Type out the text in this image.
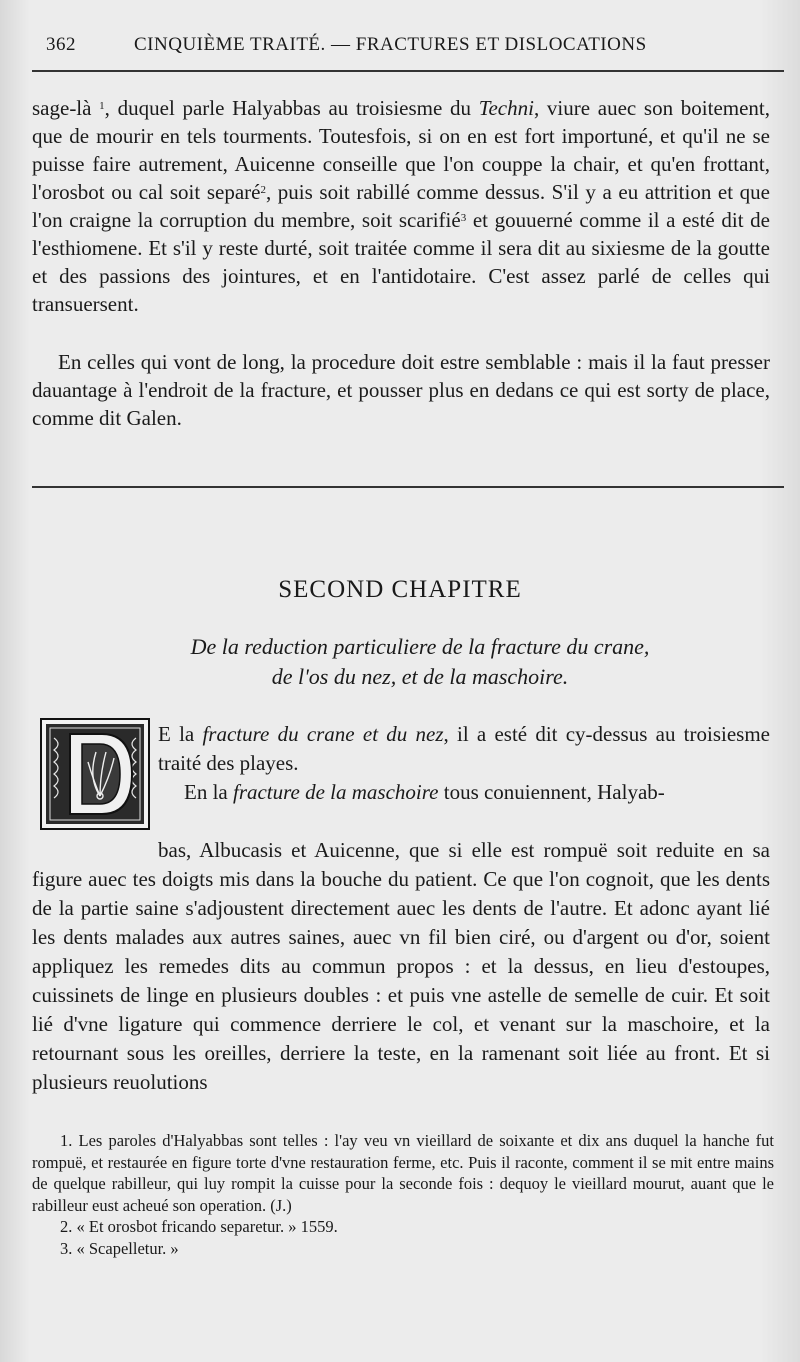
362	CINQUIÈME TRAITÉ. — FRACTURES ET DISLOCATIONS
sage-là $^1$, duquel parle Halyabbas au troisiesme du Techni, viure auec son boitement, que de mourir en tels tourments. Toutesfois, si on en est fort importuné, et qu'il ne se puisse faire autrement, Auicenne conseille que l'on couppe la chair, et qu'en frottant, l'orosbot ou cal soit separé$^2$, puis soit rabillé comme dessus. S'il y a eu attrition et que l'on craigne la corruption du membre, soit scarifié$^3$ et gouuerné comme il a esté dit de l'esthiomene. Et s'il y reste durté, soit traitée comme il sera dit au sixiesme de la goutte et des passions des jointures, et en l'antidotaire. C'est assez parlé de celles qui transuersent.
En celles qui vont de long, la procedure doit estre semblable : mais il la faut presser dauantage à l'endroit de la fracture, et pousser plus en dedans ce qui est sorty de place, comme dit Galen.
SECOND CHAPITRE
De la reduction particuliere de la fracture du crane,
de l'os du nez, et de la maschoire.
E la fracture du crane et du nez, il a esté dit cy-dessus au troisiesme traité des playes.
En la fracture de la maschoire tous conuiennent, Halyab-
bas, Albucasis et Auicenne, que si elle est rompuë soit reduite en sa figure auec tes doigts mis dans la bouche du patient. Ce que l'on cognoit, que les dents de la partie saine s'adjoustent directement auec les dents de l'autre. Et adonc ayant lié les dents malades aux autres saines, auec vn fil bien ciré, ou d'argent ou d'or, soient appliquez les remedes dits au commun propos : et la dessus, en lieu d'estoupes, cuissinets de linge en plusieurs doubles : et puis vne astelle de semelle de cuir. Et soit lié d'vne ligature qui commence derriere le col, et venant sur la maschoire, et la retournant sous les oreilles, derriere la teste, en la ramenant soit liée au front. Et si plusieurs reuolutions

1. Les paroles d'Halyabbas sont telles : l'ay veu vn vieillard de soixante et dix ans duquel la hanche fut rompuë, et restaurée en figure torte d'vne restauration ferme, etc. Puis il raconte, comment il se mit entre mains de quelque rabilleur, qui luy rompit la cuisse pour la seconde fois : dequoy le vieillard mourut, auant que le rabilleur eust acheué son operation. (J.)

2. « Et orosbot fricando separetur. » 1559.

3. « Scapelletur. »
